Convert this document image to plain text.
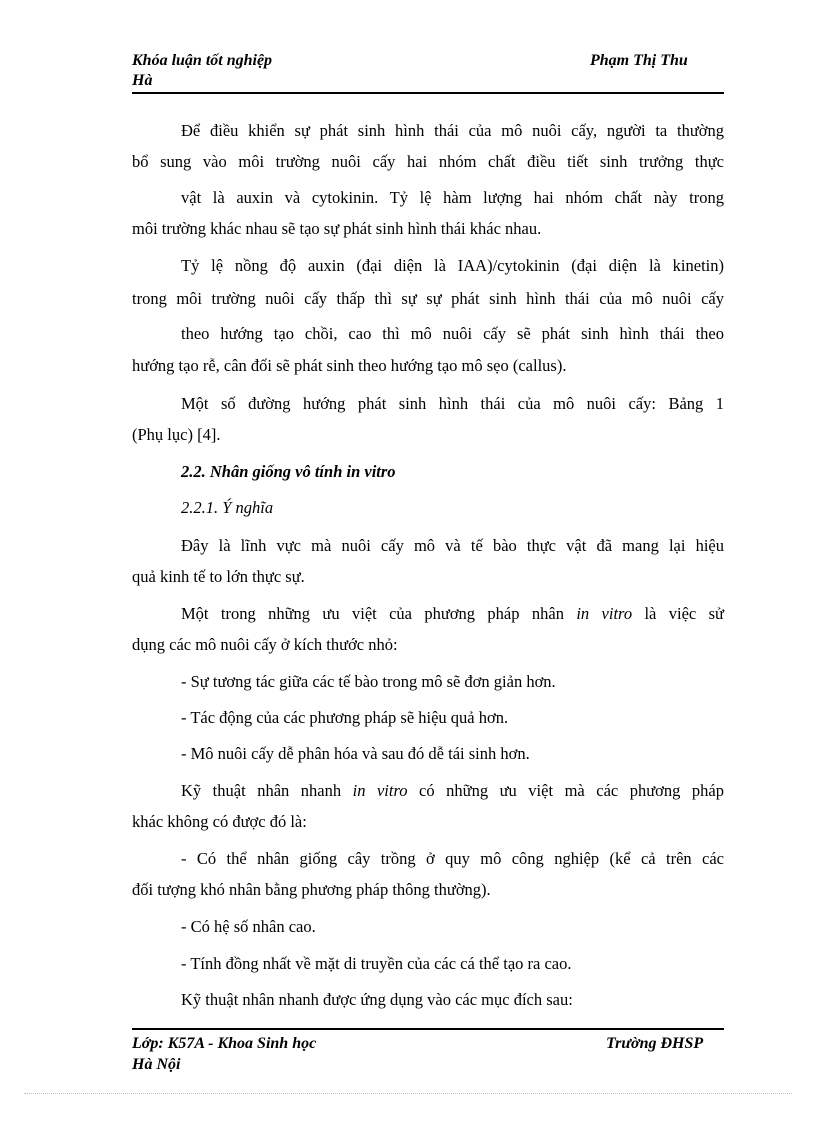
Khóa luận tốt nghiệp
Hà
Phạm Thị Thu
Để điều khiển sự phát sinh hình thái của mô nuôi cấy, người ta thường
bổ sung vào môi trường nuôi cấy hai nhóm chất điều tiết sinh trưởng thực
vật là auxin và cytokinin. Tỷ lệ hàm lượng hai nhóm chất này trong
môi trường khác nhau sẽ tạo sự phát sinh hình thái khác nhau.
Tỷ lệ nồng độ auxin (đại diện là IAA)/cytokinin (đại diện là kinetin)
trong môi trường nuôi cấy thấp thì sự sự phát sinh hình thái của mô nuôi cấy
theo hướng tạo chồi, cao thì mô nuôi cấy sẽ phát sinh hình thái theo
hướng tạo rễ, cân đối sẽ phát sinh theo hướng tạo mô sẹo (callus).
Một số đường hướng phát sinh hình thái của mô nuôi cấy: Bảng 1
(Phụ lục) [4].
2.2. Nhân giống vô tính in vitro
2.2.1. Ý nghĩa
Đây là lĩnh vực mà nuôi cấy mô và tế bào thực vật đã mang lại hiệu
quả kinh tế to lớn thực sự.
Một trong những ưu việt của phương pháp nhân in vitro là việc sử
dụng các mô nuôi cấy ở kích thước nhỏ:
- Sự tương tác giữa các tế bào trong mô sẽ đơn giản hơn.
- Tác động của các phương pháp sẽ hiệu quả hơn.
- Mô nuôi cấy dễ phân hóa và sau đó dễ tái sinh hơn.
Kỹ thuật nhân nhanh in vitro có những ưu việt mà các phương pháp
khác không có được đó là:
- Có thể nhân giống cây trồng ở quy mô công nghiệp (kể cả trên các
đối tượng khó nhân bằng phương pháp thông thường).
- Có hệ số nhân cao.
- Tính đồng nhất về mặt di truyền của các cá thể tạo ra cao.
Kỹ thuật nhân nhanh được ứng dụng vào các mục đích sau:
Lớp: K57A - Khoa Sinh học
Hà Nội
Trường ĐHSP
